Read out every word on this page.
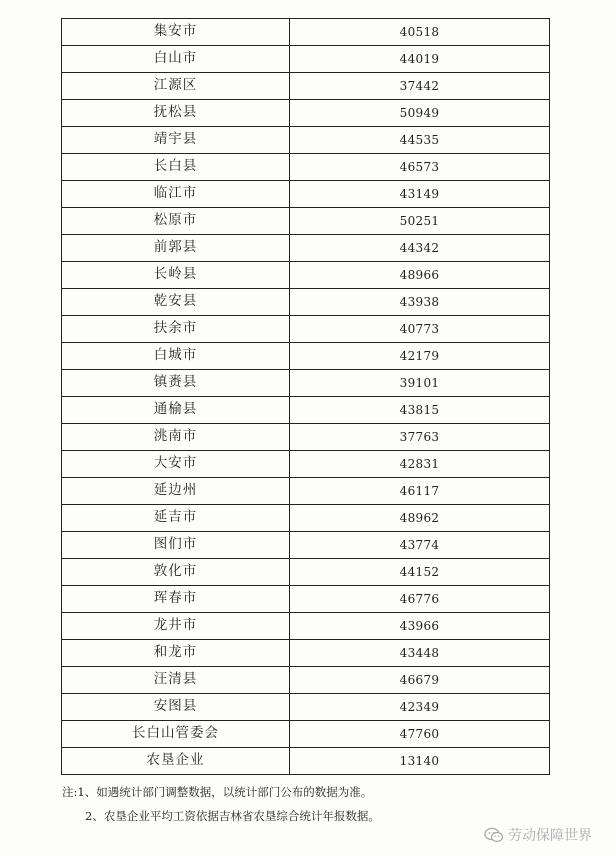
集安市	40518
白山市	44019
江源区	37442
抚松县	50949
靖宇县	44535
长白县	46573
临江市	43149
松原市	50251
前郭县	44342
长岭县	48966
乾安县	43938
扶余市	40773
白城市	42179
镇赉县	39101
通榆县	43815
洮南市	37763
大安市	42831
延边州	46117
延吉市	48962
图们市	43774
敦化市	44152
珲春市	46776
龙井市	43966
和龙市	43448
汪清县	46679
安图县	42349
长白山管委会	47760
农垦企业	13140
注:1、如遇统计部门调整数据，以统计部门公布的数据为准。
2、农垦企业平均工资依据吉林省农垦综合统计年报数据。
劳动保障世界
